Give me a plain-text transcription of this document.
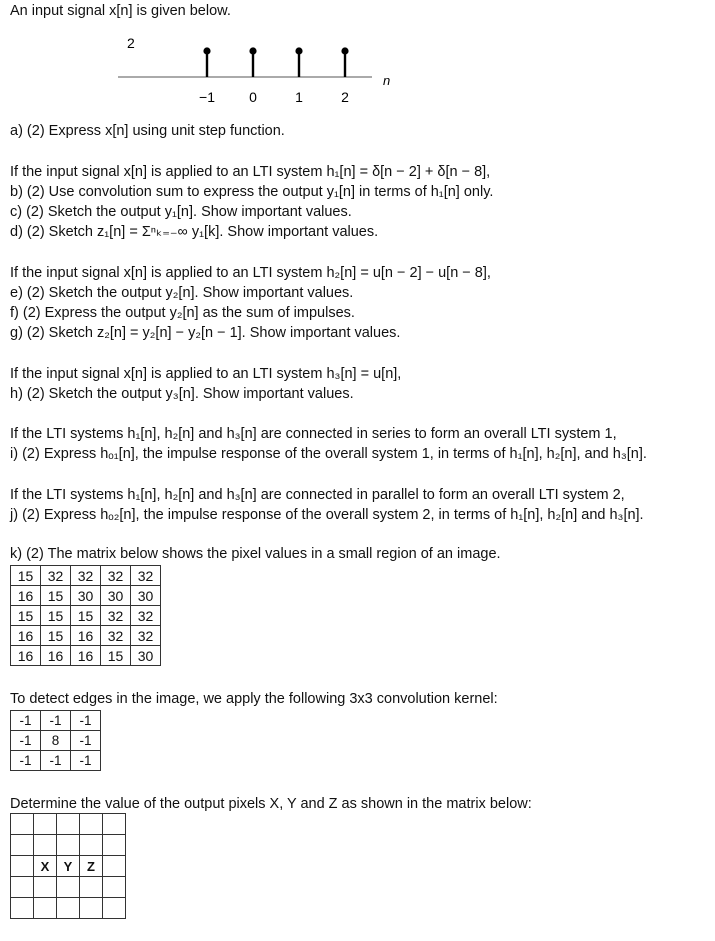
An input signal x[n] is given below.
2
−1 0	1	2
n
a) (2) Express x[n] using unit step function.
If the input signal x[n] is applied to an LTI system h₁[n] = δ[n − 2] + δ[n − 8],
b) (2) Use convolution sum to express the output y₁[n] in terms of h₁[n] only.
c) (2) Sketch the output y₁[n]. Show important values.
d) (2) Sketch z₁[n] = Σⁿₖ₌₋∞ y₁[k]. Show important values.
If the input signal x[n] is applied to an LTI system h₂[n] = u[n − 2] − u[n − 8],
e) (2) Sketch the output y₂[n]. Show important values.
f) (2) Express the output y₂[n] as the sum of impulses.
g) (2) Sketch z₂[n] = y₂[n] − y₂[n − 1]. Show important values.
If the input signal x[n] is applied to an LTI system h₃[n] = u[n],
h) (2) Sketch the output y₃[n]. Show important values.
If the LTI systems h₁[n], h₂[n] and h₃[n] are connected in series to form an overall LTI system 1,
i) (2) Express hₒ₁[n], the impulse response of the overall system 1, in terms of h₁[n], h₂[n], and h₃[n].
If the LTI systems h₁[n], h₂[n] and h₃[n] are connected in parallel to form an overall LTI system 2,
j) (2) Express hₒ₂[n], the impulse response of the overall system 2, in terms of h₁[n], h₂[n] and h₃[n].
k) (2) The matrix below shows the pixel values in a small region of an image.
15	32	32	32	32
16	15	30	30	30
15	15	15	32	32
16	15	16	32	32
16	16	16	15	30
To detect edges in the image, we apply the following 3x3 convolution kernel:
-1	-1	-1
-1	8	-1
-1	-1	-1
Determine the value of the output pixels X, Y and Z as shown in the matrix below:

	X	Y	Z	
